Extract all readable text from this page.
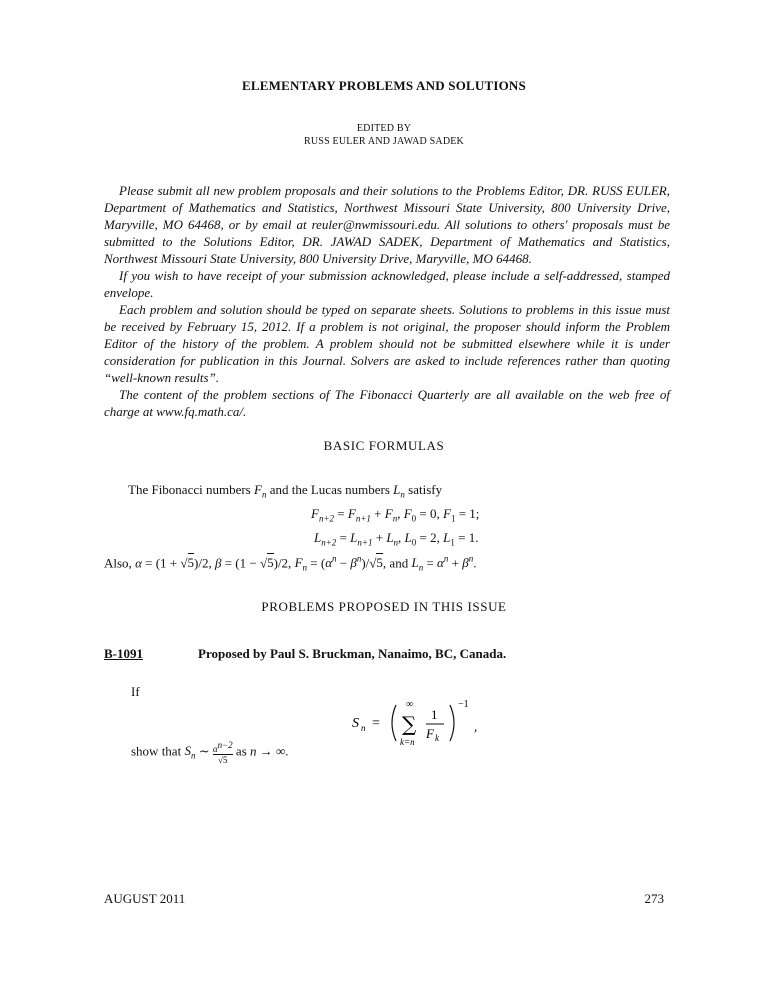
ELEMENTARY PROBLEMS AND SOLUTIONS
EDITED BY
RUSS EULER AND JAWAD SADEK

Please submit all new problem proposals and their solutions to the Problems Editor, DR. RUSS EULER, Department of Mathematics and Statistics, Northwest Missouri State University, 800 University Drive, Maryville, MO 64468, or by email at reuler@nwmissouri.edu. All solutions to others' proposals must be submitted to the Solutions Editor, DR. JAWAD SADEK, Department of Mathematics and Statistics, Northwest Missouri State University, 800 University Drive, Maryville, MO 64468.

If you wish to have receipt of your submission acknowledged, please include a self-addressed, stamped envelope.

Each problem and solution should be typed on separate sheets. Solutions to problems in this issue must be received by February 15, 2012. If a problem is not original, the proposer should inform the Problem Editor of the history of the problem. A problem should not be submitted elsewhere while it is under consideration for publication in this Journal. Solvers are asked to include references rather than quoting “well-known results”.

The content of the problem sections of The Fibonacci Quarterly are all available on the web free of charge at www.fq.math.ca/.

BASIC FORMULAS
The Fibonacci numbers $F_n$ and the Lucas numbers $L_n$ satisfy
$F_{n+2} = F_{n+1} + F_n$, $F_0 = 0$, $F_1 = 1$;
$L_{n+2} = L_{n+1} + L_n$, $L_0 = 2$, $L_1 = 1$.
Also, α = (1 + √5)/2, β = (1 − √5)/2, $F_n = (\alpha^n - \beta^n)/√5$, and $L_n = \alpha^n + \beta^n$.
PROBLEMS PROPOSED IN THIS ISSUE
B-1091	Proposed by Paul S. Bruckman, Nanaimo, BC, Canada.
If
S n =
∞
∑
k=n
1
F k
−1
,
show that $S_n$ ∼ $\frac{\alpha^{n-2}}{√5}$ as n → ∞.
AUGUST 2011	273
